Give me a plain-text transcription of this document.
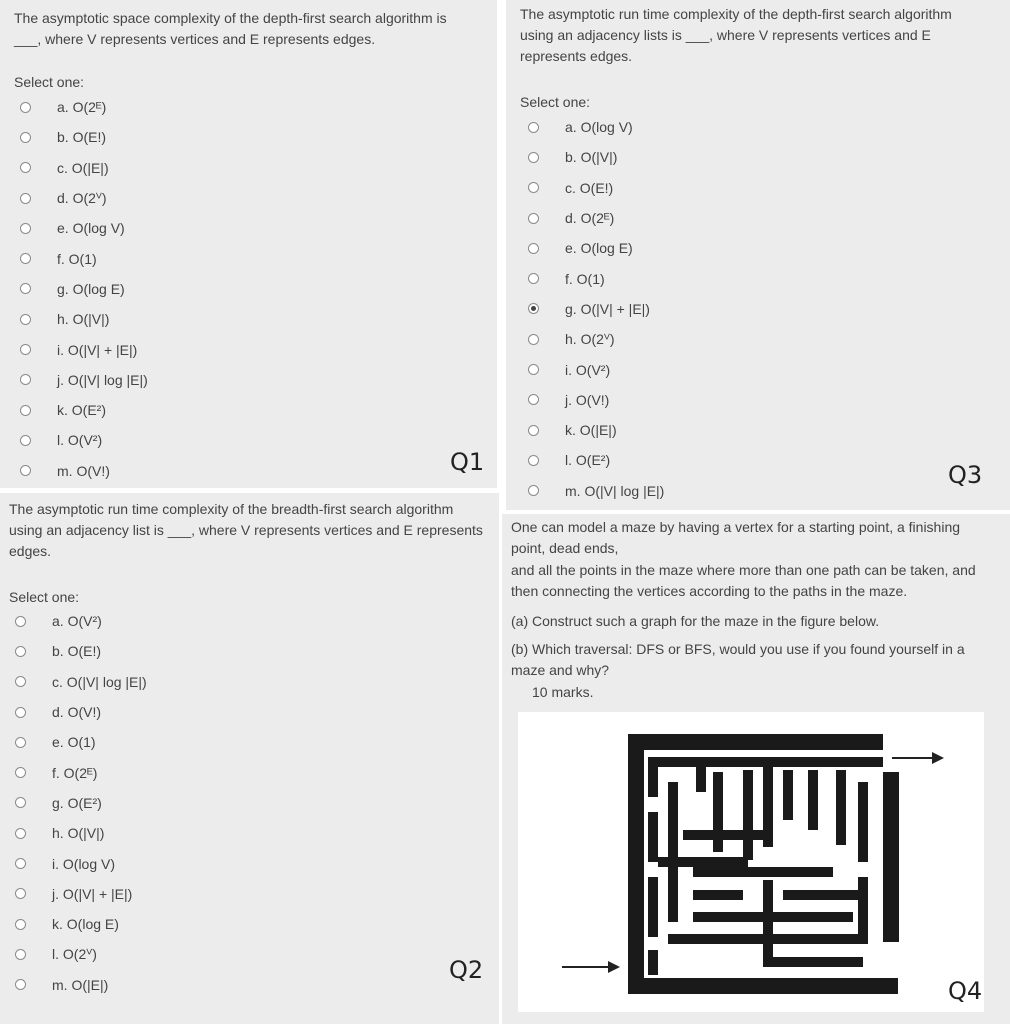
The asymptotic space complexity of the depth-first search algorithm is ___, where V represents vertices and E represents edges.
Select one:
a. O(2ᴱ)
b. O(E!)
c. O(|E|)
d. O(2ⱽ)
e. O(log V)
f. O(1)
g. O(log E)
h. O(|V|)
i. O(|V| + |E|)
j. O(|V| log |E|)
k. O(E²)
l. O(V²)
m. O(V!)	Q1
The asymptotic run time complexity of the depth-first search algorithm using an adjacency lists is ___, where V represents vertices and E represents edges.
Select one:
a. O(log V)
b. O(|V|)
c. O(E!)
d. O(2ᴱ)
e. O(log E)
f. O(1)
g. O(|V| + |E|)
h. O(2ⱽ)
i. O(V²)
j. O(V!)
k. O(|E|)
l. O(E²)
m. O(|V| log |E|)
Q3
The asymptotic run time complexity of the breadth-first search algorithm using an adjacency list is ___, where V represents vertices and E represents edges.
Select one:
a. O(V²)
b. O(E!)
c. O(|V| log |E|)
d. O(V!)
e. O(1)
f. O(2ᴱ)
g. O(E²)
h. O(|V|)
i. O(log V)
j. O(|V| + |E|)
k. O(log E)
l. O(2ⱽ)
m. O(|E|)
Q2
One can model a maze by having a vertex for a starting point, a finishing point, dead ends,
and all the points in the maze where more than one path can be taken, and then connecting the vertices according to the paths in the maze.
(a) Construct such a graph for the maze in the figure below.
(b) Which traversal: DFS or BFS, would you use if you found yourself in a maze and why?
10 marks.
Q4
